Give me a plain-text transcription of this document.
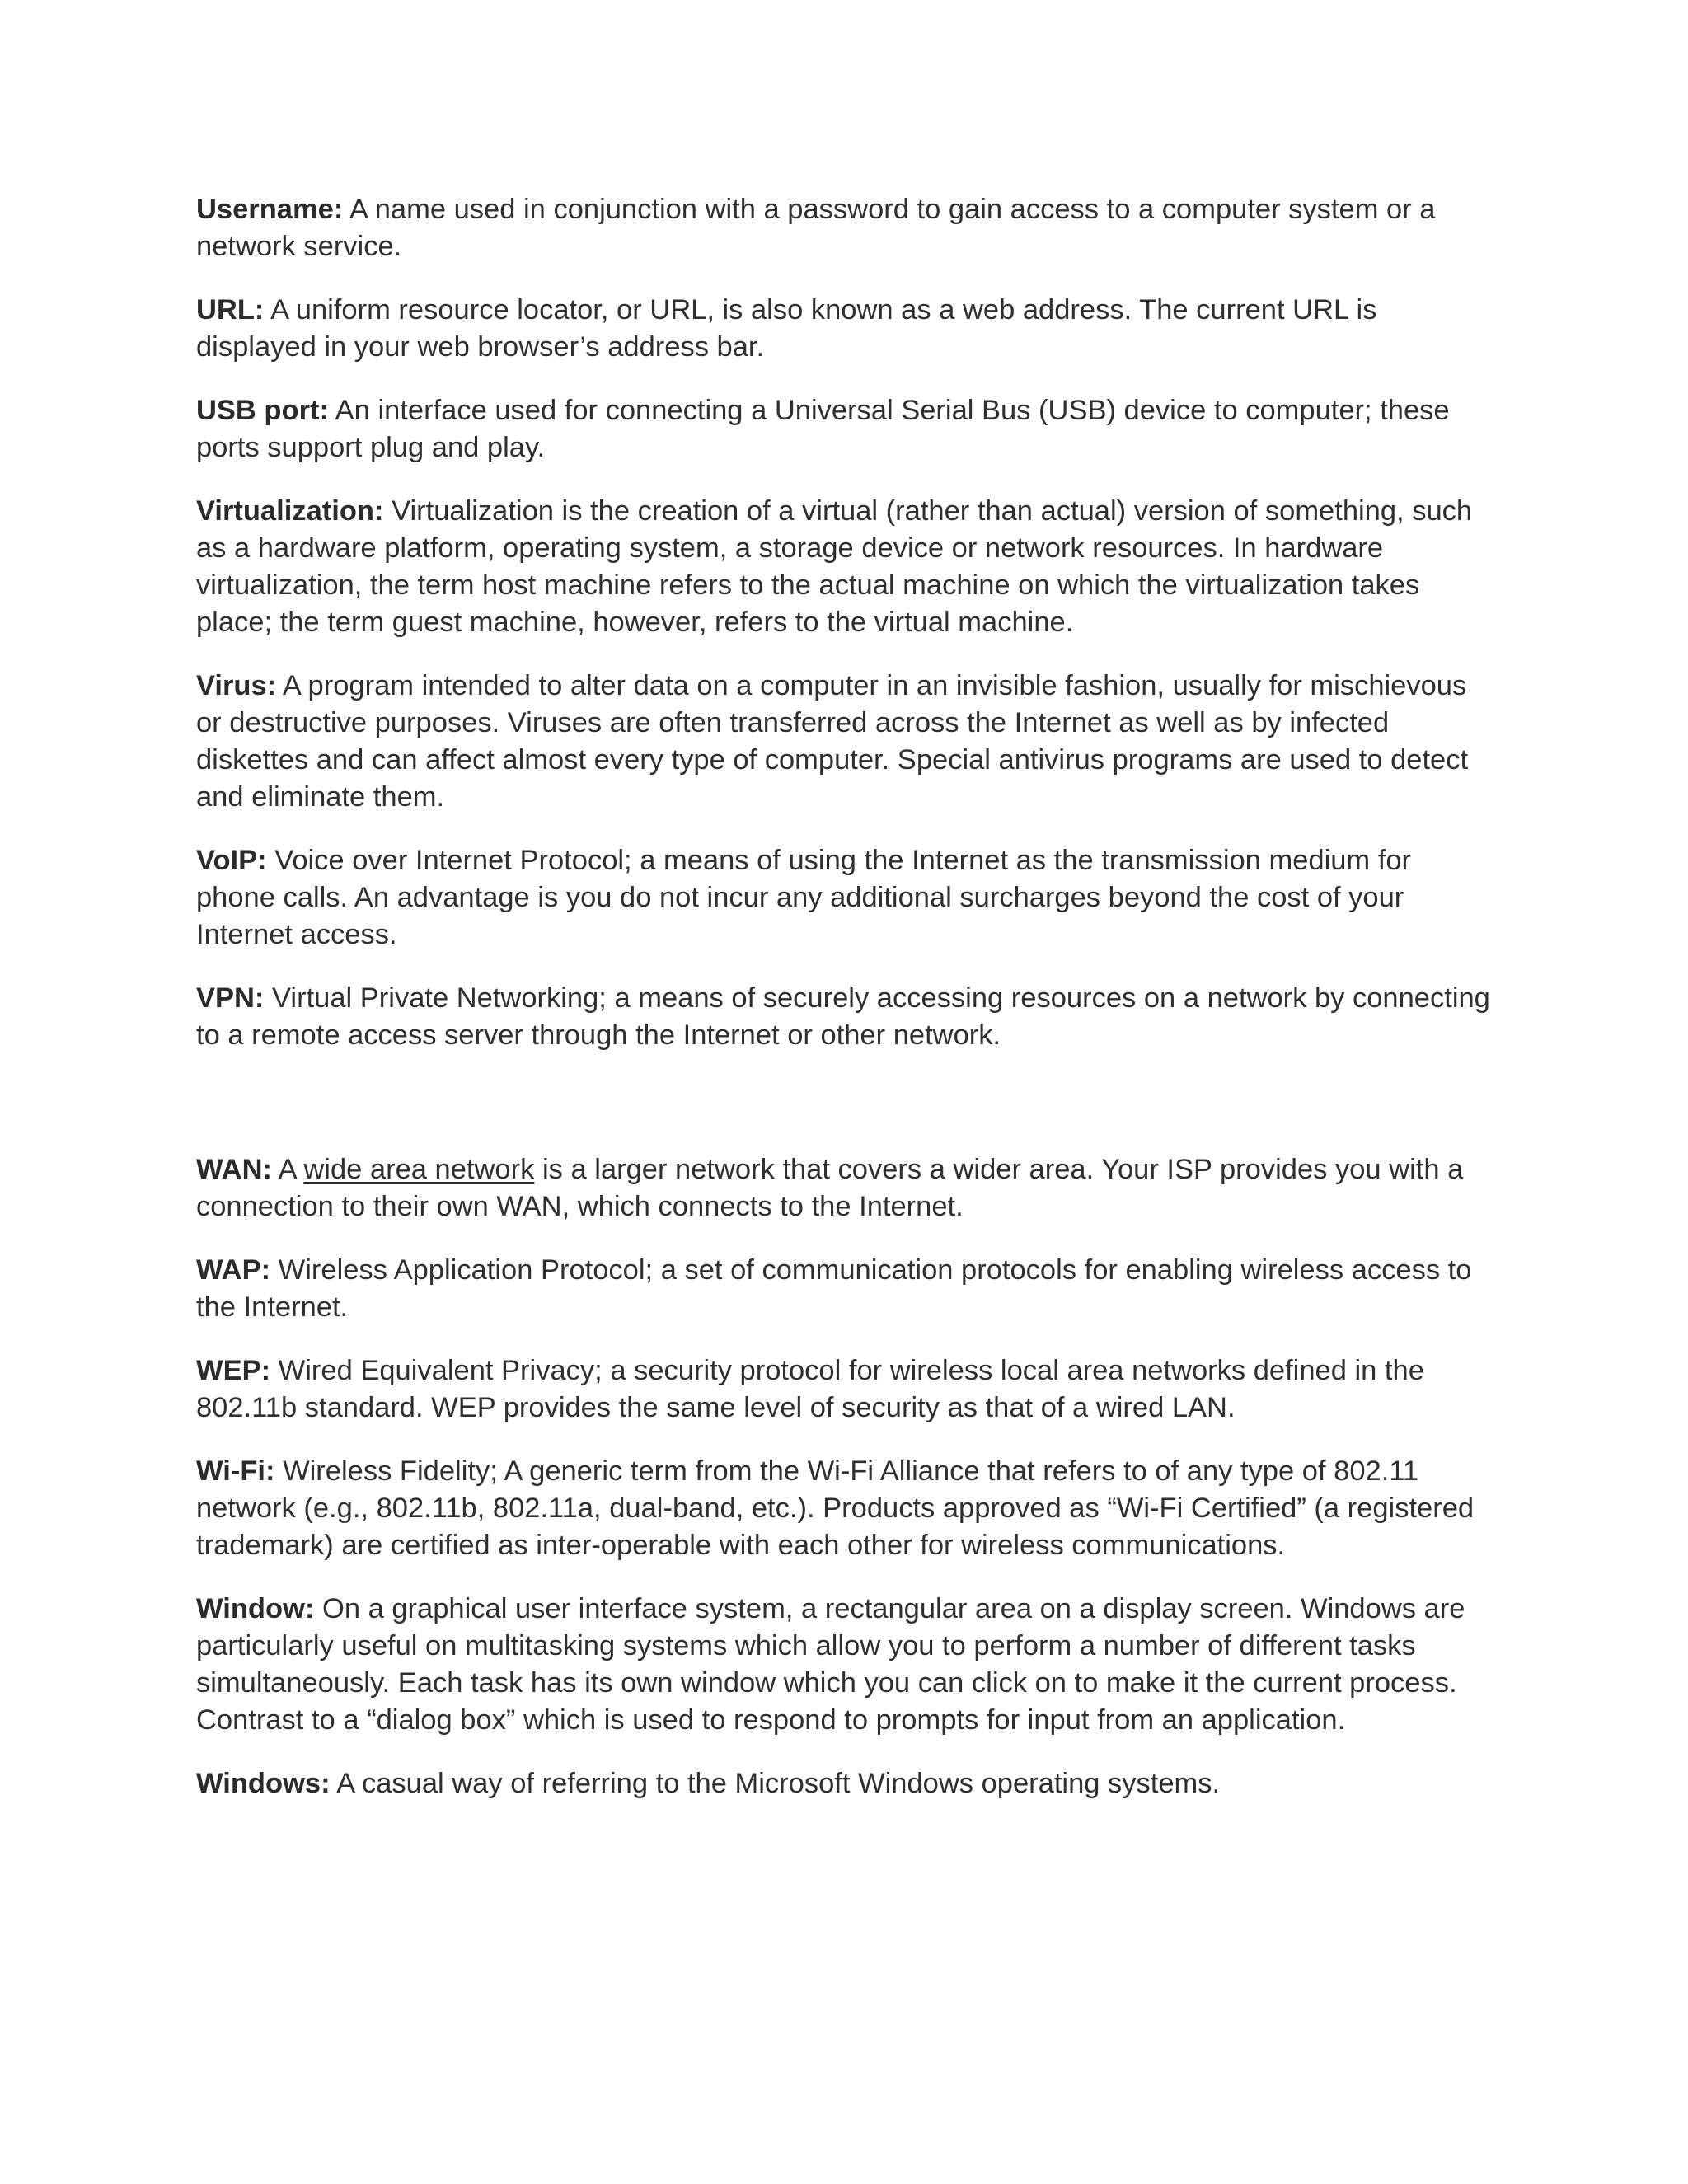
Username: A name used in conjunction with a password to gain access to a computer system or a network service.

URL: A uniform resource locator, or URL, is also known as a web address. The current URL is displayed in your web browser’s address bar.

USB port: An interface used for connecting a Universal Serial Bus (USB) device to computer; these ports support plug and play.

Virtualization: Virtualization is the creation of a virtual (rather than actual) version of something, such as a hardware platform, operating system, a storage device or network resources. In hardware virtualization, the term host machine refers to the actual machine on which the virtualization takes place; the term guest machine, however, refers to the virtual machine.

Virus: A program intended to alter data on a computer in an invisible fashion, usually for mischievous or destructive purposes. Viruses are often transferred across the Internet as well as by infected diskettes and can affect almost every type of computer. Special antivirus programs are used to detect and eliminate them.

VoIP: Voice over Internet Protocol; a means of using the Internet as the transmission medium for phone calls. An advantage is you do not incur any additional surcharges beyond the cost of your Internet access.

VPN: Virtual Private Networking; a means of securely accessing resources on a network by connecting to a remote access server through the Internet or other network.

WAN: A wide area network is a larger network that covers a wider area. Your ISP provides you with a connection to their own WAN, which connects to the Internet.

WAP: Wireless Application Protocol; a set of communication protocols for enabling wireless access to the Internet.

WEP: Wired Equivalent Privacy; a security protocol for wireless local area networks defined in the 802.11b standard. WEP provides the same level of security as that of a wired LAN.

Wi-Fi: Wireless Fidelity; A generic term from the Wi-Fi Alliance that refers to of any type of 802.11 network (e.g., 802.11b, 802.11a, dual-band, etc.). Products approved as “Wi-Fi Certified” (a registered trademark) are certified as inter-operable with each other for wireless communications.

Window: On a graphical user interface system, a rectangular area on a display screen. Windows are particularly useful on multitasking systems which allow you to perform a number of different tasks simultaneously. Each task has its own window which you can click on to make it the current process. Contrast to a “dialog box” which is used to respond to prompts for input from an application.

Windows: A casual way of referring to the Microsoft Windows operating systems.
